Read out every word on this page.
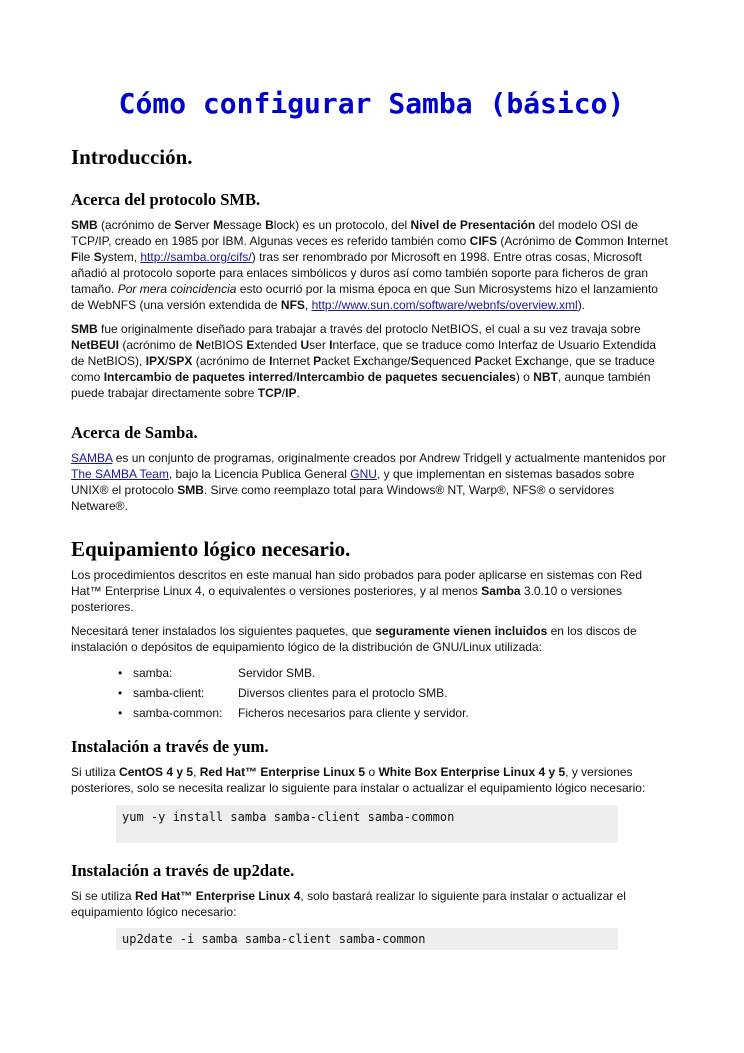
Cómo configurar Samba (básico)
Introducción.
Acerca del protocolo SMB.

SMB (acrónimo de Server Message Block) es un protocolo, del Nivel de Presentación del modelo OSI de TCP/IP, creado en 1985 por IBM. Algunas veces es referido también como CIFS (Acrónimo de Common Internet File System, http://samba.org/cifs/) tras ser renombrado por Microsoft en 1998. Entre otras cosas, Microsoft añadió al protocolo soporte para enlaces simbólicos y duros así como también soporte para ficheros de gran tamaño. Por mera coincidencia esto ocurrió por la misma época en que Sun Microsystems hizo el lanzamiento de WebNFS (una versión extendida de NFS, http://www.sun.com/software/webnfs/overview.xml).

SMB fue originalmente diseñado para trabajar a través del protoclo NetBIOS, el cual a su vez travaja sobre NetBEUI (acrónimo de NetBIOS Extended User Interface, que se traduce como Interfaz de Usuario Extendida de NetBIOS), IPX/SPX (acrónimo de Internet Packet Exchange/Sequenced Packet Exchange, que se traduce como Intercambio de paquetes interred/Intercambio de paquetes secuenciales) o NBT, aunque también puede trabajar directamente sobre TCP/IP.

Acerca de Samba.

SAMBA es un conjunto de programas, originalmente creados por Andrew Tridgell y actualmente mantenidos por The SAMBA Team, bajo la Licencia Publica General GNU, y que implementan en sistemas basados sobre UNIX® el protocolo SMB. Sirve como reemplazo total para Windows® NT, Warp®, NFS® o servidores Netware®.

Equipamiento lógico necesario.

Los procedimientos descritos en este manual han sido probados para poder aplicarse en sistemas con Red Hat™ Enterprise Linux 4, o equivalentes o versiones posteriores, y al menos Samba 3.0.10 o versiones posteriores.

Necesitará tener instalados los siguientes paquetes, que seguramente vienen incluidos en los discos de instalación o depósitos de equipamiento lógico de la distribución de GNU/Linux utilizada:

• samba:	Servidor SMB.
• samba-client:	Diversos clientes para el protoclo SMB.
• samba-common: Ficheros necesarios para cliente y servidor.
Instalación a través de yum.

Si utiliza CentOS 4 y 5, Red Hat™ Enterprise Linux 5 o White Box Enterprise Linux 4 y 5, y versiones posteriores, solo se necesita realizar lo siguiente para instalar o actualizar el equipamiento lógico necesario:

yum -y install samba samba-client samba-common
Instalación a través de up2date.

Si se utiliza Red Hat™ Enterprise Linux 4, solo bastará realizar lo siguiente para instalar o actualizar el equipamiento lógico necesario:

up2date -i samba samba-client samba-common
